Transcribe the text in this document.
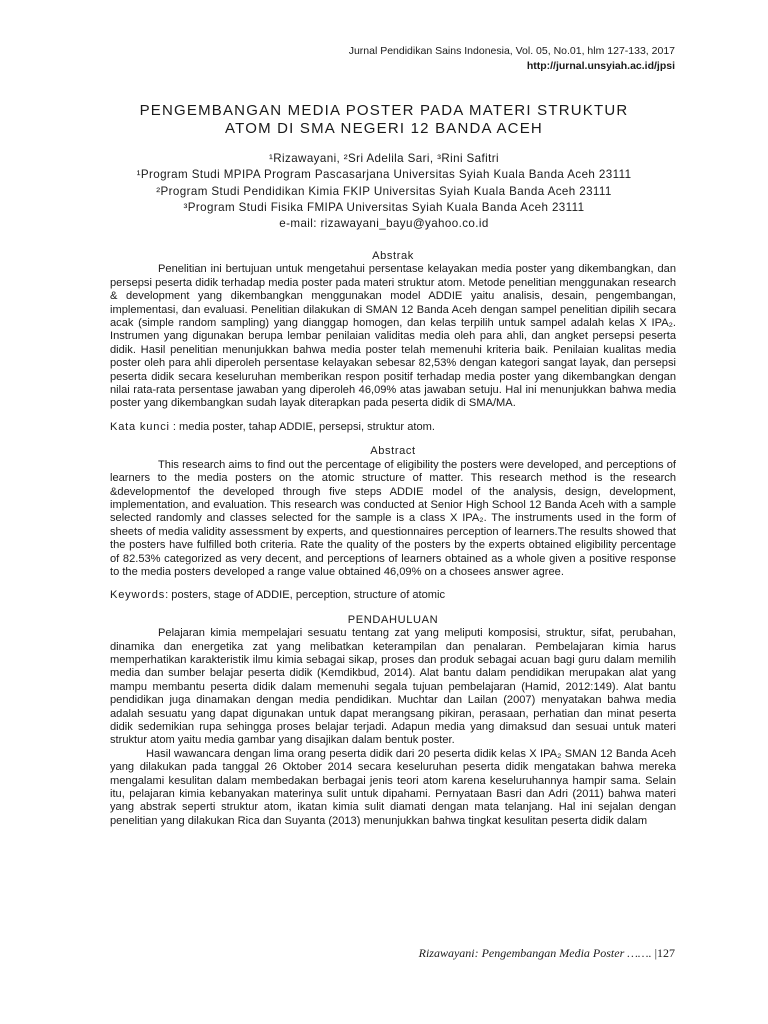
Jurnal Pendidikan Sains Indonesia, Vol. 05, No.01, hlm 127-133, 2017
http://jurnal.unsyiah.ac.id/jpsi
PENGEMBANGAN MEDIA POSTER PADA MATERI STRUKTUR
ATOM DI SMA NEGERI 12 BANDA ACEH
¹Rizawayani, ²Sri Adelila Sari, ³Rini Safitri
¹Program Studi MPIPA Program Pascasarjana Universitas Syiah Kuala Banda Aceh 23111
²Program Studi Pendidikan Kimia FKIP Universitas Syiah Kuala Banda Aceh 23111
³Program Studi Fisika FMIPA Universitas Syiah Kuala Banda Aceh 23111
e-mail: rizawayani_bayu@yahoo.co.id

Abstrak

Penelitian ini bertujuan untuk mengetahui persentase kelayakan media poster yang dikembangkan, dan persepsi peserta didik terhadap media poster pada materi struktur atom. Metode penelitian menggunakan research & development yang dikembangkan menggunakan model ADDIE yaitu analisis, desain, pengembangan, implementasi, dan evaluasi. Penelitian dilakukan di SMAN 12 Banda Aceh dengan sampel penelitian dipilih secara acak (simple random sampling) yang dianggap homogen, dan kelas terpilih untuk sampel adalah kelas X IPA₂. Instrumen yang digunakan berupa lembar penilaian validitas media oleh para ahli, dan angket persepsi peserta didik. Hasil penelitian menunjukkan bahwa media poster telah memenuhi kriteria baik. Penilaian kualitas media poster oleh para ahli diperoleh persentase kelayakan sebesar 82,53% dengan kategori sangat layak, dan persepsi peserta didik secara keseluruhan memberikan respon positif terhadap media poster yang dikembangkan dengan nilai rata-rata persentase jawaban yang diperoleh 46,09% atas jawaban setuju. Hal ini menunjukkan bahwa media poster yang dikembangkan sudah layak diterapkan pada peserta didik di SMA/MA.

Kata kunci : media poster, tahap ADDIE, persepsi, struktur atom.

Abstract

This research aims to find out the percentage of eligibility the posters were developed, and perceptions of learners to the media posters on the atomic structure of matter. This research method is the research &developmentof the developed through five steps ADDIE model of the analysis, design, development, implementation, and evaluation. This research was conducted at Senior High School 12 Banda Aceh with a sample selected randomly and classes selected for the sample is a class X IPA₂. The instruments used in the form of sheets of media validity assessment by experts, and questionnaires perception of learners.The results showed that the posters have fulfilled both criteria. Rate the quality of the posters by the experts obtained eligibility percentage of 82.53% categorized as very decent, and perceptions of learners obtained as a whole given a positive response to the media posters developed a range value obtained 46,09% on a chosees answer agree.

Keywords: posters, stage of ADDIE, perception, structure of atomic

PENDAHULUAN

Pelajaran kimia mempelajari sesuatu tentang zat yang meliputi komposisi, struktur, sifat, perubahan, dinamika dan energetika zat yang melibatkan keterampilan dan penalaran. Pembelajaran kimia harus memperhatikan karakteristik ilmu kimia sebagai sikap, proses dan produk sebagai acuan bagi guru dalam memilih media dan sumber belajar peserta didik (Kemdikbud, 2014). Alat bantu dalam pendidikan merupakan alat yang mampu membantu peserta didik dalam memenuhi segala tujuan pembelajaran (Hamid, 2012:149). Alat bantu pendidikan juga dinamakan dengan media pendidikan. Muchtar dan Lailan (2007) menyatakan bahwa media adalah sesuatu yang dapat digunakan untuk dapat merangsang pikiran, perasaan, perhatian dan minat peserta didik sedemikian rupa sehingga proses belajar terjadi. Adapun media yang dimaksud dan sesuai untuk materi struktur atom yaitu media gambar yang disajikan dalam bentuk poster.

Hasil wawancara dengan lima orang peserta didik dari 20 peserta didik kelas X IPA₂ SMAN 12 Banda Aceh yang dilakukan pada tanggal 26 Oktober 2014 secara keseluruhan peserta didik mengatakan bahwa mereka mengalami kesulitan dalam membedakan berbagai jenis teori atom karena keseluruhannya hampir sama. Selain itu, pelajaran kimia kebanyakan materinya sulit untuk dipahami. Pernyataan Basri dan Adri (2011) bahwa materi yang abstrak seperti struktur atom, ikatan kimia sulit diamati dengan mata telanjang. Hal ini sejalan dengan penelitian yang dilakukan Rica dan Suyanta (2013) menunjukkan bahwa tingkat kesulitan peserta didik dalam

Rizawayani: Pengembangan Media Poster ……. |127
